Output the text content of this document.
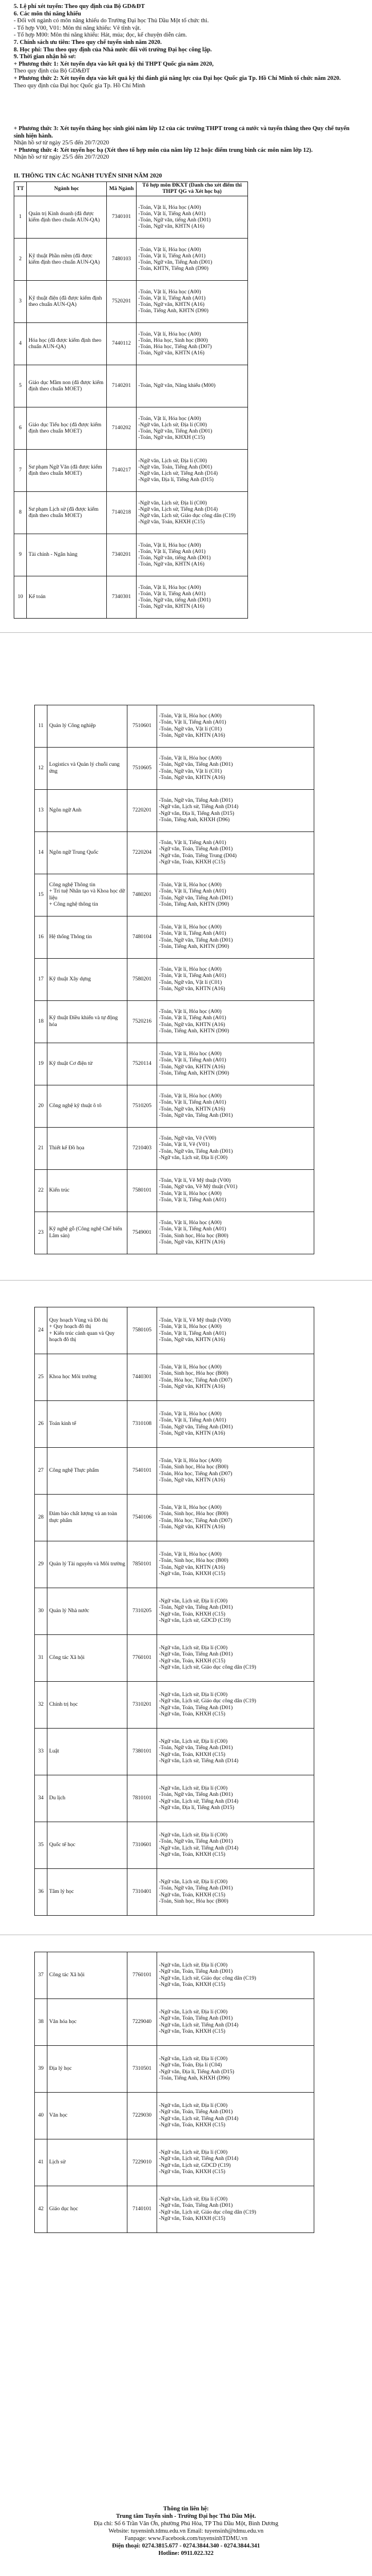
5. Lệ phí xét tuyển: Theo quy định của Bộ GD&ĐT

6. Các môn thi năng khiếu

- Đối với ngành có môn năng khiếu do Trường Đại học Thủ Dầu Một tổ chức thi.

- Tổ hợp V00, V01: Môn thi năng khiếu: Vẽ tĩnh vật.

- Tổ hợp M00: Môn thi năng khiếu: Hát, múa; đọc, kể chuyện diễn cảm.

7. Chính sách ưu tiên: Theo quy chế tuyển sinh năm 2020.

8. Học phí: Thu theo quy định của Nhà nước đối với trường Đại học công lập.

9. Thời gian nhận hồ sơ:

+ Phương thức 1: Xét tuyển dựa vào kết quả kỳ thi THPT Quốc gia năm 2020,

Theo quy định của Bộ GD&ĐT

+ Phương thức 2: Xét tuyển dựa vào kết quả kỳ thi đánh giá năng lực của Đại học Quốc gia Tp. Hồ Chí Minh tổ chức năm 2020.

Theo quy định của Đại học Quốc gia Tp. Hồ Chí Minh

+ Phương thức 3: Xét tuyển thẳng học sinh giỏi năm lớp 12 của các trường THPT trong cả nước và tuyển thẳng theo Quy chế tuyển sinh hiện hành.

Nhận hồ sơ từ ngày 25/5 đến 20/7/2020

+ Phương thức 4: Xét tuyển học bạ (Xét theo tổ hợp môn của năm lớp 12 hoặc điểm trung bình các môn năm lớp 12).

Nhận hồ sơ từ ngày 25/5 đến 20/7/2020

II. THÔNG TIN CÁC NGÀNH TUYỂN SINH NĂM 2020
TT	Ngành học	Mã Ngành	Tổ hợp môn ĐKXT (Danh cho xét điểm thi THPT QG và Xét học bạ)
1	Quản trị Kinh doanh (đã được kiểm định theo chuẩn AUN-QA)	7340101	-Toán, Vật lí, Hóa học (A00)
-Toán, Vật lí, Tiếng Anh (A01)
-Toán, Ngữ văn, tiếng Anh (D01)
-Toán, Ngữ văn, KHTN (A16)
2	Kỹ thuật Phần mềm (đã được kiểm định theo chuẩn AUN-QA)	7480103	-Toán, Vật lí, Hóa học (A00)
-Toán, Vật lí, Tiếng Anh (A01)
-Toán, Ngữ văn, Tiếng Anh (D01)
-Toán, KHTN, Tiếng Anh (D90)
3	Kỹ thuật điện (đã được kiểm định theo chuẩn AUN-QA)	7520201	-Toán, Vật lí, Hóa học (A00)
-Toán, Vật lí, Tiếng Anh (A01)
-Toán, Ngữ văn, KHTN (A16)
-Toán, Tiếng Anh, KHTN (D90)
4	Hóa học (đã được kiểm định theo chuẩn AUN-QA)	7440112	-Toán, Vật lí, Hóa học (A00)
-Toán, Hóa học, Sinh học (B00)
-Toán, Hóa học, Tiếng Anh (D07)
-Toán, Ngữ văn, KHTN (A16)
5	Giáo dục Mầm non (đã được kiểm định theo chuẩn MOET)	7140201	-Toán, Ngữ văn, Năng khiếu (M00)
6	Giáo dục Tiểu học (đã được kiểm định theo chuẩn MOET)	7140202	-Toán, Vật lí, Hóa học (A00)
-Ngữ văn, Lịch sử, Địa lí (C00)
-Toán, Ngữ văn, Tiếng Anh (D01)
-Toán, Ngữ văn, KHXH (C15)
7	Sư phạm Ngữ Văn (đã được kiểm định theo chuẩn MOET)	7140217	-Ngữ văn, Lịch sử, Địa lí (C00)
-Ngữ văn, Toán, Tiếng Anh (D01)
-Ngữ văn, Lịch sử, Tiếng Anh (D14)
-Ngữ văn, Địa lí, Tiếng Anh (D15)
8	Sư phạm Lịch sử (đã được kiểm định theo chuẩn MOET)	7140218	-Ngữ văn, Lịch sử, Địa lí (C00)
-Ngữ văn, Lịch sử, Tiếng Anh (D14)
-Ngữ văn, Lịch sử, Giáo dục công dân (C19)
-Ngữ văn, Toán, KHXH (C15)
9	Tài chính - Ngân hàng	7340201	-Toán, Vật lí, Hóa học (A00)
-Toán, Vật lí, Tiếng Anh (A01)
-Toán, Ngữ văn, tiếng Anh (D01)
-Toán, Ngữ văn, KHTN (A16)
10	Kế toán	7340301	-Toán, Vật lí, Hóa học (A00)
-Toán, Vật lí, Tiếng Anh (A01)
-Toán, Ngữ văn, tiếng Anh (D01)
-Toán, Ngữ văn, KHTN (A16)
11	Quản lý Công nghiệp	7510601	-Toán, Vật lí, Hóa học (A00)
-Toán, Vật lí, Tiếng Anh (A01)
-Toán, Ngữ văn, Vật lí (C01)
-Toán, Ngữ văn, KHTN (A16)
12	Logistics và Quản lý chuỗi cung ứng	7510605	-Toán, Vật lí, Hóa học (A00)
-Toán, Ngữ văn, Tiếng Anh (D01)
-Toán, Ngữ văn, Vật lí (C01)
-Toán, Ngữ văn, KHTN (A16)
13	Ngôn ngữ Anh	7220201	-Toán, Ngữ văn, Tiếng Anh (D01)
-Ngữ văn, Lịch sử, Tiếng Anh (D14)
-Ngữ văn, Địa lí, Tiếng Anh (D15)
-Toán, Tiếng Anh, KHXH (D96)
14	Ngôn ngữ Trung Quốc	7220204	-Toán, Vật lí, Tiếng Anh (A01)
-Ngữ văn, Toán, Tiếng Anh (D01)
-Ngữ văn, Toán, Tiếng Trung (D04)
-Ngữ văn, Toán, KHXH (C15)
15	Công nghệ Thông tin
+ Trí tuệ Nhân tạo và Khoa học dữ liệu
+ Công nghệ thông tin	7480201	-Toán, Vật lí, Hóa học (A00)
-Toán, Vật lí, Tiếng Anh (A01)
-Toán, Ngữ văn, Tiếng Anh (D01)
-Toán, Tiếng Anh, KHTN (D90)
16	Hệ thống Thông tin	7480104	-Toán, Vật lí, Hóa học (A00)
-Toán, Vật lí, Tiếng Anh (A01)
-Toán, Ngữ văn, Tiếng Anh (D01)
-Toán, Tiếng Anh, KHTN (D90)
17	Kỹ thuật Xây dựng	7580201	-Toán, Vật lí, Hóa học (A00)
-Toán, Vật lí, Tiếng Anh (A01)
-Toán, Ngữ văn, Vật lí (C01)
-Toán, Ngữ văn, KHTN (A16)
18	Kỹ thuật Điều khiển và tự động hóa	7520216	-Toán, Vật lí, Hóa học (A00)
-Toán, Vật lí, Tiếng Anh (A01)
-Toán, Ngữ văn, KHTN (A16)
-Toán, Tiếng Anh, KHTN (D90)
19	Kỹ thuật Cơ điện tử	7520114	-Toán, Vật lí, Hóa học (A00)
-Toán, Vật lí, Tiếng Anh (A01)
-Toán, Ngữ văn, KHTN (A16)
-Toán, Tiếng Anh, KHTN (D90)
20	Công nghệ kỹ thuật ô tô	7510205	-Toán, Vật lí, Hóa học (A00)
-Toán, Vật lí, Tiếng Anh (A01)
-Toán, Ngữ văn, KHTN (A16)
-Toán, Ngữ văn, Tiếng Anh (D01)
21	Thiết kế Đồ họa	7210403	-Toán, Ngữ văn, Vẽ (V00)
-Toán, Vật lí, Vẽ (V01)
-Toán, Ngữ văn, Tiếng Anh (D01)
-Ngữ văn, Lịch sử, Địa lí (C00)
22	Kiến trúc	7580101	-Toán, Vật lí, Vẽ Mỹ thuật (V00)
-Toán, Ngữ văn, Vẽ Mỹ thuật (V01)
-Toán, Vật lí, Hóa học (A00)
-Toán, Vật lí, Tiếng Anh (A01)
23	Kỹ nghệ gỗ (Công nghệ Chế biến Lâm sản)	7549001	-Toán, Vật lí, Hóa học (A00)
-Toán, Vật lí, Tiếng Anh (A01)
-Toán, Sinh học, Hóa học (B00)
-Toán, Ngữ văn, KHTN (A16)
24	Quy hoạch Vùng và Đô thị
+ Quy hoạch đô thị
+ Kiến trúc cảnh quan và Quy hoạch đô thị	7580105	-Toán, Vật lí, Vẽ Mỹ thuật (V00)
-Toán, Vật lí, Hóa học (A00)
-Toán, Vật lí, Tiếng Anh (A01)
-Toán, Ngữ văn, KHTN (A16)
25	Khoa học Môi trường	7440301	-Toán, Vật lí, Hóa học (A00)
-Toán, Sinh học, Hóa học (B00)
-Toán, Hóa học, Tiếng Anh (D07)
-Toán, Ngữ văn, KHTN (A16)
26	Toán kinh tế	7310108	-Toán, Vật lí, Hóa học (A00)
-Toán, Vật lí, Tiếng Anh (A01)
-Toán, Ngữ văn, Tiếng Anh (D01)
-Toán, Ngữ văn, KHTN (A16)
27	Công nghệ Thực phẩm	7540101	-Toán, Vật lí, Hóa học (A00)
-Toán, Sinh học, Hóa học (B00)
-Toán, Hóa học, Tiếng Anh (D07)
-Toán, Ngữ văn, KHTN (A16)
28	Đảm bảo chất lượng và an toàn thực phẩm	7540106	-Toán, Vật lí, Hóa học (A00)
-Toán, Sinh học, Hóa học (B00)
-Toán, Hóa học, Tiếng Anh (D07)
-Toán, Ngữ văn, KHTN (A16)
29	Quản lý Tài nguyên và Môi trường	7850101	-Toán, Vật lí, Hóa học (A00)
-Toán, Sinh học, Hóa học (B00)
-Toán, Ngữ văn, KHTN (A16)
-Ngữ văn, Toán, KHXH (C15)
30	Quản lý Nhà nước	7310205	-Ngữ văn, Lịch sử, Địa lí (C00)
-Toán, Ngữ văn, Tiếng Anh (D01)
-Ngữ văn, Toán, KHXH (C15)
-Ngữ văn, Lịch sử, GDCD (C19)
31	Công tác Xã hội	7760101	-Ngữ văn, Lịch sử, Địa lí (C00)
-Ngữ văn, Toán, Tiếng Anh (D01)
-Ngữ văn, Toán, KHXH (C15)
-Ngữ văn, Lịch sử, Giáo dục công dân (C19)
32	Chính trị học	7310201	-Ngữ văn, Lịch sử, Địa lí (C00)
-Ngữ văn, Lịch sử, Giáo dục công dân (C19)
-Ngữ văn, Toán, Tiếng Anh (D01)
-Ngữ văn, Toán, KHXH (C15)
33	Luật	7380101	-Ngữ văn, Lịch sử, Địa lí (C00)
-Toán, Ngữ văn, Tiếng Anh (D01)
-Ngữ văn, Toán, KHXH (C15)
-Ngữ văn, Lịch sử, Tiếng Anh (D14)
34	Du lịch	7810101	-Ngữ văn, Lịch sử, Địa lí (C00)
-Toán, Ngữ văn, Tiếng Anh (D01)
-Ngữ văn, Lịch sử, Tiếng Anh (D14)
-Ngữ văn, Địa lí, Tiếng Anh (D15)
35	Quốc tế học	7310601	-Ngữ văn, Lịch sử, Địa lí (C00)
-Toán, Ngữ văn, Tiếng Anh (D01)
-Ngữ văn, Lịch sử, Tiếng Anh (D14)
-Ngữ văn, Toán, KHXH (C15)
36	Tâm lý học	7310401	-Ngữ văn, Lịch sử, Địa lí (C00)
-Toán, Ngữ văn, Tiếng Anh (D01)
-Ngữ văn, Toán, KHXH (C15)
-Toán, Sinh học, Hóa học (B00)
37	Công tác Xã hội	7760101	-Ngữ văn, Lịch sử, Địa lí (C00)
-Ngữ văn, Toán, Tiếng Anh (D01)
-Ngữ văn, Lịch sử, Giáo dục công dân (C19)
-Ngữ văn, Toán, KHXH (C15)
38	Văn hóa học	7229040	-Ngữ văn, Lịch sử, Địa lí (C00)
-Ngữ văn, Toán, Tiếng Anh (D01)
-Ngữ văn, Lịch sử, Tiếng Anh (D14)
-Ngữ văn, Toán, KHXH (C15)
39	Địa lý học	7310501	-Ngữ văn, Lịch sử, Địa lí (C00)
-Ngữ văn, Toán, Địa lí (C04)
-Ngữ văn, Địa lí, Tiếng Anh (D15)
-Toán, Tiếng Anh, KHXH (D96)
40	Văn học	7229030	-Ngữ văn, Lịch sử, Địa lí (C00)
-Ngữ văn, Toán, Tiếng Anh (D01)
-Ngữ văn, Lịch sử, Tiếng Anh (D14)
-Ngữ văn, Toán, KHXH (C15)
41	Lịch sử	7229010	-Ngữ văn, Lịch sử, Địa lí (C00)
-Ngữ văn, Lịch sử, Tiếng Anh (D14)
-Ngữ văn, Lịch sử, GDCD (C19)
-Ngữ văn, Toán, KHXH (C15)
42	Giáo dục học	7140101	-Ngữ văn, Lịch sử, Địa lí (C00)
-Ngữ văn, Toán, Tiếng Anh (D01)
-Ngữ văn, Lịch sử, Giáo dục công dân (C19)
-Ngữ văn, Toán, KHXH (C15)
Thông tin liên hệ:
Trung tâm Tuyển sinh - Trường Đại học Thủ Dầu Một.
Địa chỉ: Số 6 Trần Văn Ơn, phường Phú Hòa, TP Thủ Dầu Một, Bình Dương
Website: tuyensinh.tdmu.edu.vn Email: tuyensinh@tdmu.edu.vn
Fanpage: www.Facebook.com/tuyensinhTDMU.vn
Điện thoại: 0274.3815.677 - 0274.3844.340 - 0274.3844.341
Hotline: 0911.022.322
